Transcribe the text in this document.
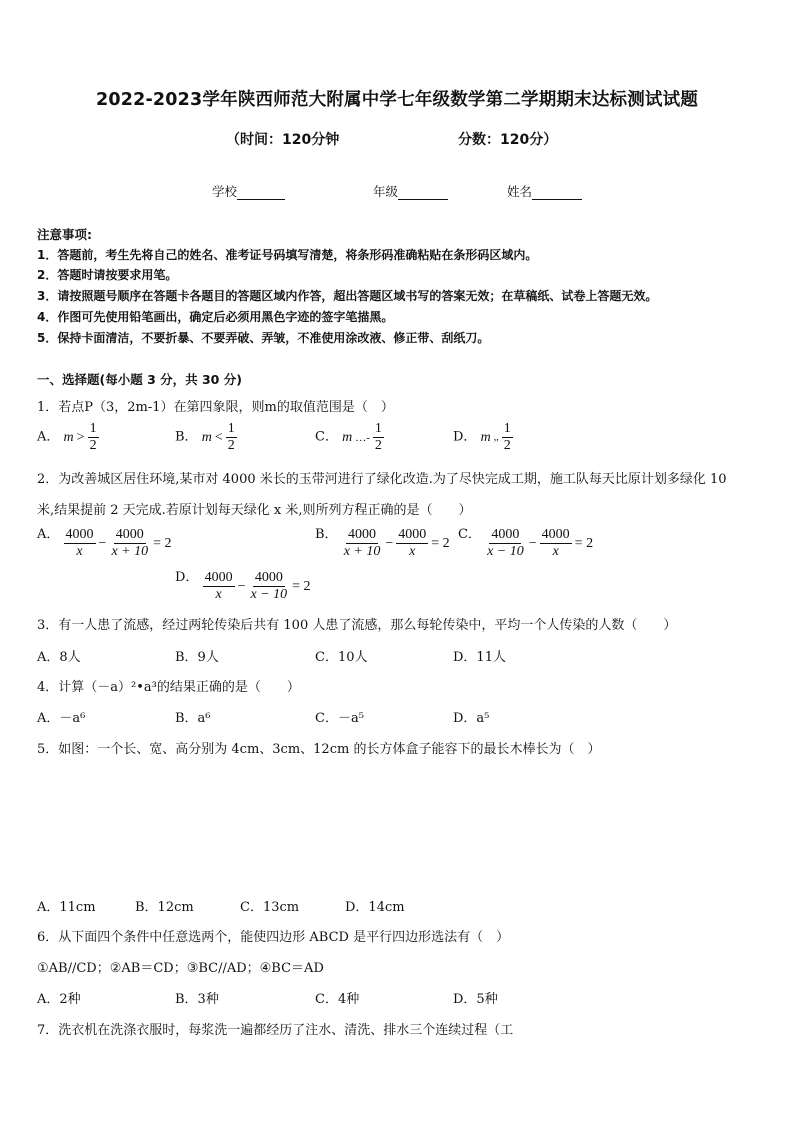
2022-2023学年陕西师范大附属中学七年级数学第二学期期末达标测试试题
（时间：120分钟	分数：120分）
学校	年级	姓名
注意事项:
1．答题前，考生先将自己的姓名、准考证号码填写清楚，将条形码准确粘贴在条形码区域内。
2．答题时请按要求用笔。
3．请按照题号顺序在答题卡各题目的答题区域内作答，超出答题区域书写的答案无效；在草稿纸、试卷上答题无效。
4．作图可先使用铅笔画出，确定后必须用黑色字迹的签字笔描黑。
5．保持卡面清洁，不要折暴、不要弄破、弄皱，不准使用涂改液、修正带、刮纸刀。
一、选择题(每小题 3 分，共 30 分)
1．若点P（3，2m-1）在第四象限，则m的取值范围是（　）
A． $m > \frac{1}{2}$	B． $m < \frac{1}{2}$	C． m …- $\frac{1}{2}$	D． m ,, $\frac{1}{2}$
2．为改善城区居住环境,某市对 4000 米长的玉带河进行了绿化改造.为了尽快完成工期，施工队每天比原计划多绿化 10
米,结果提前 2 天完成.若原计划每天绿化 x 米,则所列方程正确的是（　　）
A． $\frac{4000}{x} - \frac{4000}{x + 10} = 2$
B． $\frac{4000}{x + 10} - \frac{4000}{x} = 2$
C． $\frac{4000}{x - 10} - \frac{4000}{x} = 2$
D． $\frac{4000}{x} - \frac{4000}{x - 10} = 2$
3．有一人患了流感，经过两轮传染后共有 100 人患了流感，那么每轮传染中，平均一个人传染的人数（　　）
A．8人	B．9人	C．10人	D．11人
4．计算（－a）²•a³的结果正确的是（　　）
A．－a⁶	B．a⁶	C．－a⁵	D．a⁵
5．如图：一个长、宽、高分别为 4cm、3cm、12cm 的长方体盒子能容下的最长木棒长为（　）
A．11cm	B．12cm	C．13cm	D．14cm
6．从下面四个条件中任意选两个，能使四边形 ABCD 是平行四边形选法有（　）
①AB//CD；②AB＝CD；③BC//AD；④BC＝AD
A．2种	B．3种	C．4种	D．5种
7．洗衣机在洗涤衣服时，每浆洗一遍都经历了注水、清洗、排水三个连续过程（工
